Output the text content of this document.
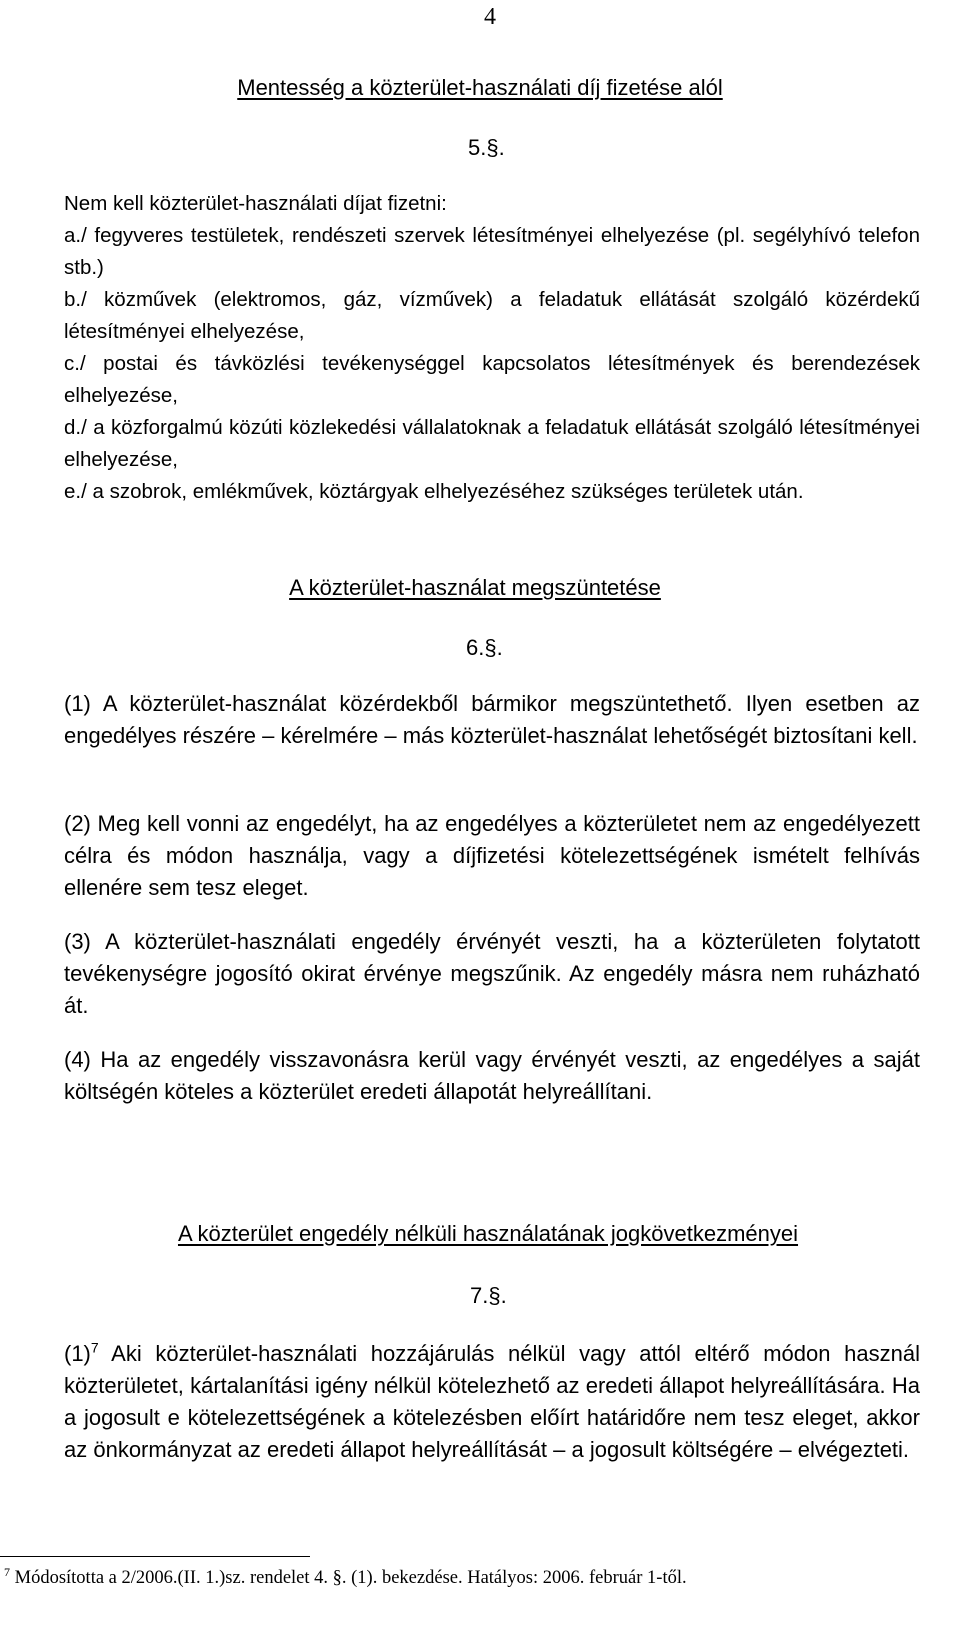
4
Mentesség a közterület-használati díj fizetése alól
5.§.

Nem kell közterület-használati díjat fizetni:

a./ fegyveres testületek, rendészeti szervek létesítményei elhelyezése (pl. segélyhívó telefon stb.)

b./ közművek (elektromos, gáz, vízművek) a feladatuk ellátását szolgáló közérdekű létesítményei elhelyezése,

c./ postai és távközlési tevékenységgel kapcsolatos létesítmények és berendezések elhelyezése,

d./ a közforgalmú közúti közlekedési vállalatoknak a feladatuk ellátását szolgáló létesítményei elhelyezése,

e./ a szobrok, emlékművek, köztárgyak elhelyezéséhez szükséges területek után.

A közterület-használat megszüntetése
6.§.

(1) A közterület-használat közérdekből bármikor megszüntethető. Ilyen esetben az engedélyes részére – kérelmére – más közterület-használat lehetőségét biztosítani kell.

(2) Meg kell vonni az engedélyt, ha az engedélyes a közterületet nem az engedélyezett célra és módon használja, vagy a díjfizetési kötelezettségének ismételt felhívás ellenére sem tesz eleget.

(3) A közterület-használati engedély érvényét veszti, ha a közterületen folytatott tevékenységre jogosító okirat érvénye megszűnik. Az engedély másra nem ruházható át.

(4) Ha az engedély visszavonásra kerül vagy érvényét veszti, az engedélyes a saját költségén köteles a közterület eredeti állapotát helyreállítani.

A közterület engedély nélküli használatának jogkövetkezményei
7.§.

$(1)^7$ Aki közterület-használati hozzájárulás nélkül vagy attól eltérő módon használ közterületet, kártalanítási igény nélkül kötelezhető az eredeti állapot helyreállítására. Ha a jogosult e kötelezettségének a kötelezésben előírt határidőre nem tesz eleget, akkor az önkormányzat az eredeti állapot helyreállítását – a jogosult költségére – elvégezteti.

$^7$ Módosította a 2/2006.(II. 1.)sz. rendelet 4. §. (1). bekezdése. Hatályos: 2006. február 1-től.
